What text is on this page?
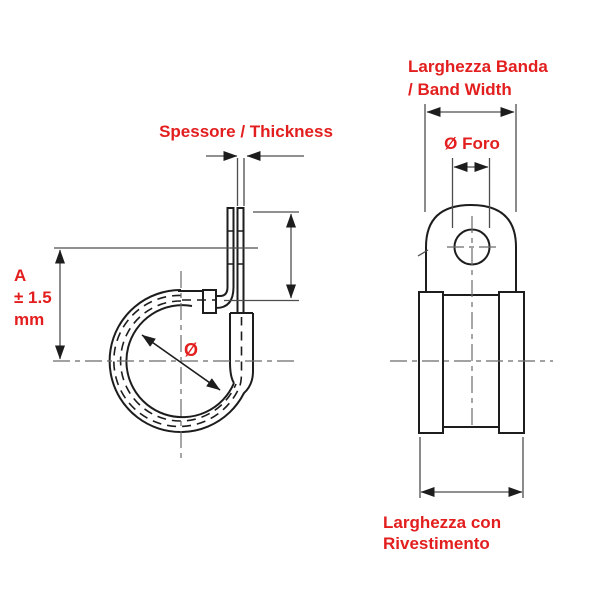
Spessore / Thickness
A
± 1.5
mm
Ø
Larghezza Banda
/ Band Width
Ø Foro
Larghezza con
Rivestimento
